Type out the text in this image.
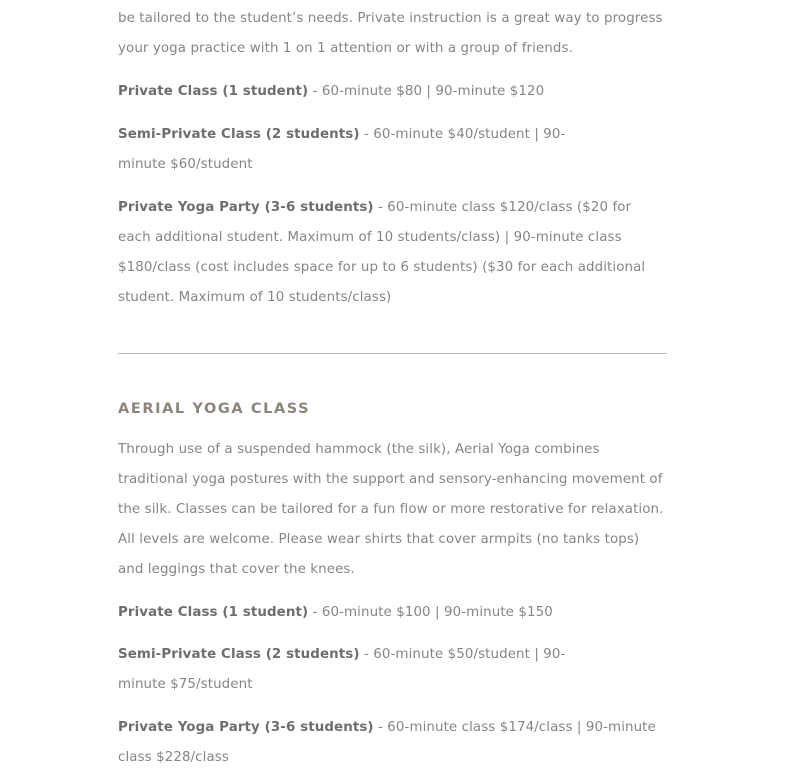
be tailored to the student’s needs. Private instruction is a great way to progress your yoga practice with 1 on 1 attention or with a group of friends.

Private Class (1 student) - 60-minute $80 | 90-minute $120

Semi-Private Class (2 students) - 60-minute $40/student | 90-minute $60/student

Private Yoga Party (3-6 students) - 60-minute class $120/class ($20 for each additional student. Maximum of 10 students/class) | 90-minute class $180/class (cost includes space for up to 6 students) ($30 for each additional student. Maximum of 10 students/class)

AERIAL YOGA CLASS

Through use of a suspended hammock (the silk), Aerial Yoga combines traditional yoga postures with the support and sensory-enhancing movement of the silk. Classes can be tailored for a fun flow or more restorative for relaxation. All levels are welcome. Please wear shirts that cover armpits (no tanks tops) and leggings that cover the knees.

Private Class (1 student) - 60-minute $100 | 90-minute $150

Semi-Private Class (2 students) - 60-minute $50/student | 90-minute $75/student

Private Yoga Party (3-6 students) - 60-minute class $174/class | 90-minute class $228/class
